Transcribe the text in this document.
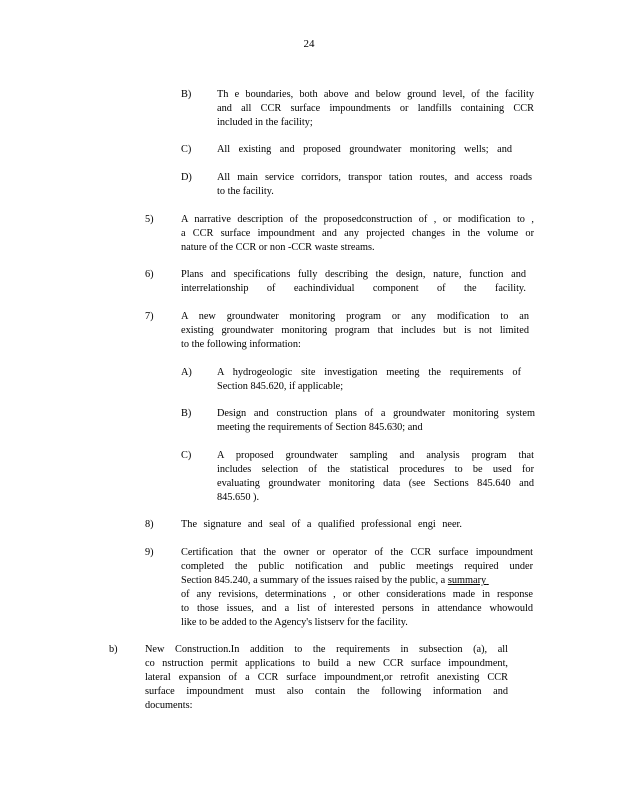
24
B) Th e boundaries, both above and below ground level, of the facility
and all CCR surface impoundments or landfills containing CCR
included in the facility;
C) All existing and proposed groundwater monitoring wells; and
D) All main service corridors, transpor tation routes, and access roads
to the facility.
5)	A narrative description of the proposedconstruction of , or modification to ,
a CCR surface impoundment and any projected changes in the volume or
nature of the CCR or non -CCR waste streams.
6)	Plans and specifications fully describing the design, nature, function and
interrelationship of eachindividual component of the facility.
7)	A new groundwater monitoring program or any modification to an
existing groundwater monitoring program that includes but is not limited
to the following information:
A) A hydrogeologic site investigation meeting the requirements of
Section 845.620, if applicable;
B) Design and construction plans of a groundwater monitoring system
meeting the requirements of Section 845.630; and
C) A proposed groundwater sampling and analysis program that
includes selection of the statistical procedures to be used for
evaluating groundwater monitoring data (see Sections 845.640 and
845.650 ).
8)	The signature and seal of a qualified professional engi neer.
9)	Certification that the owner or operator of the CCR surface impoundment
completed the public notification and public meetings required under
Section 845.240, a summary of the issues raised by the public, a summary
of any revisions, determinations , or other considerations made in response
to those issues, and a list of interested persons in attendance whowould
like to be added to the Agency's listserv for the facility.
b)	New Construction.In addition to the requirements in subsection (a), all
co nstruction permit applications to build a new CCR surface impoundment,
lateral expansion of a CCR surface impoundment,or retrofit anexisting CCR
surface impoundment must also contain the following information and
documents:
